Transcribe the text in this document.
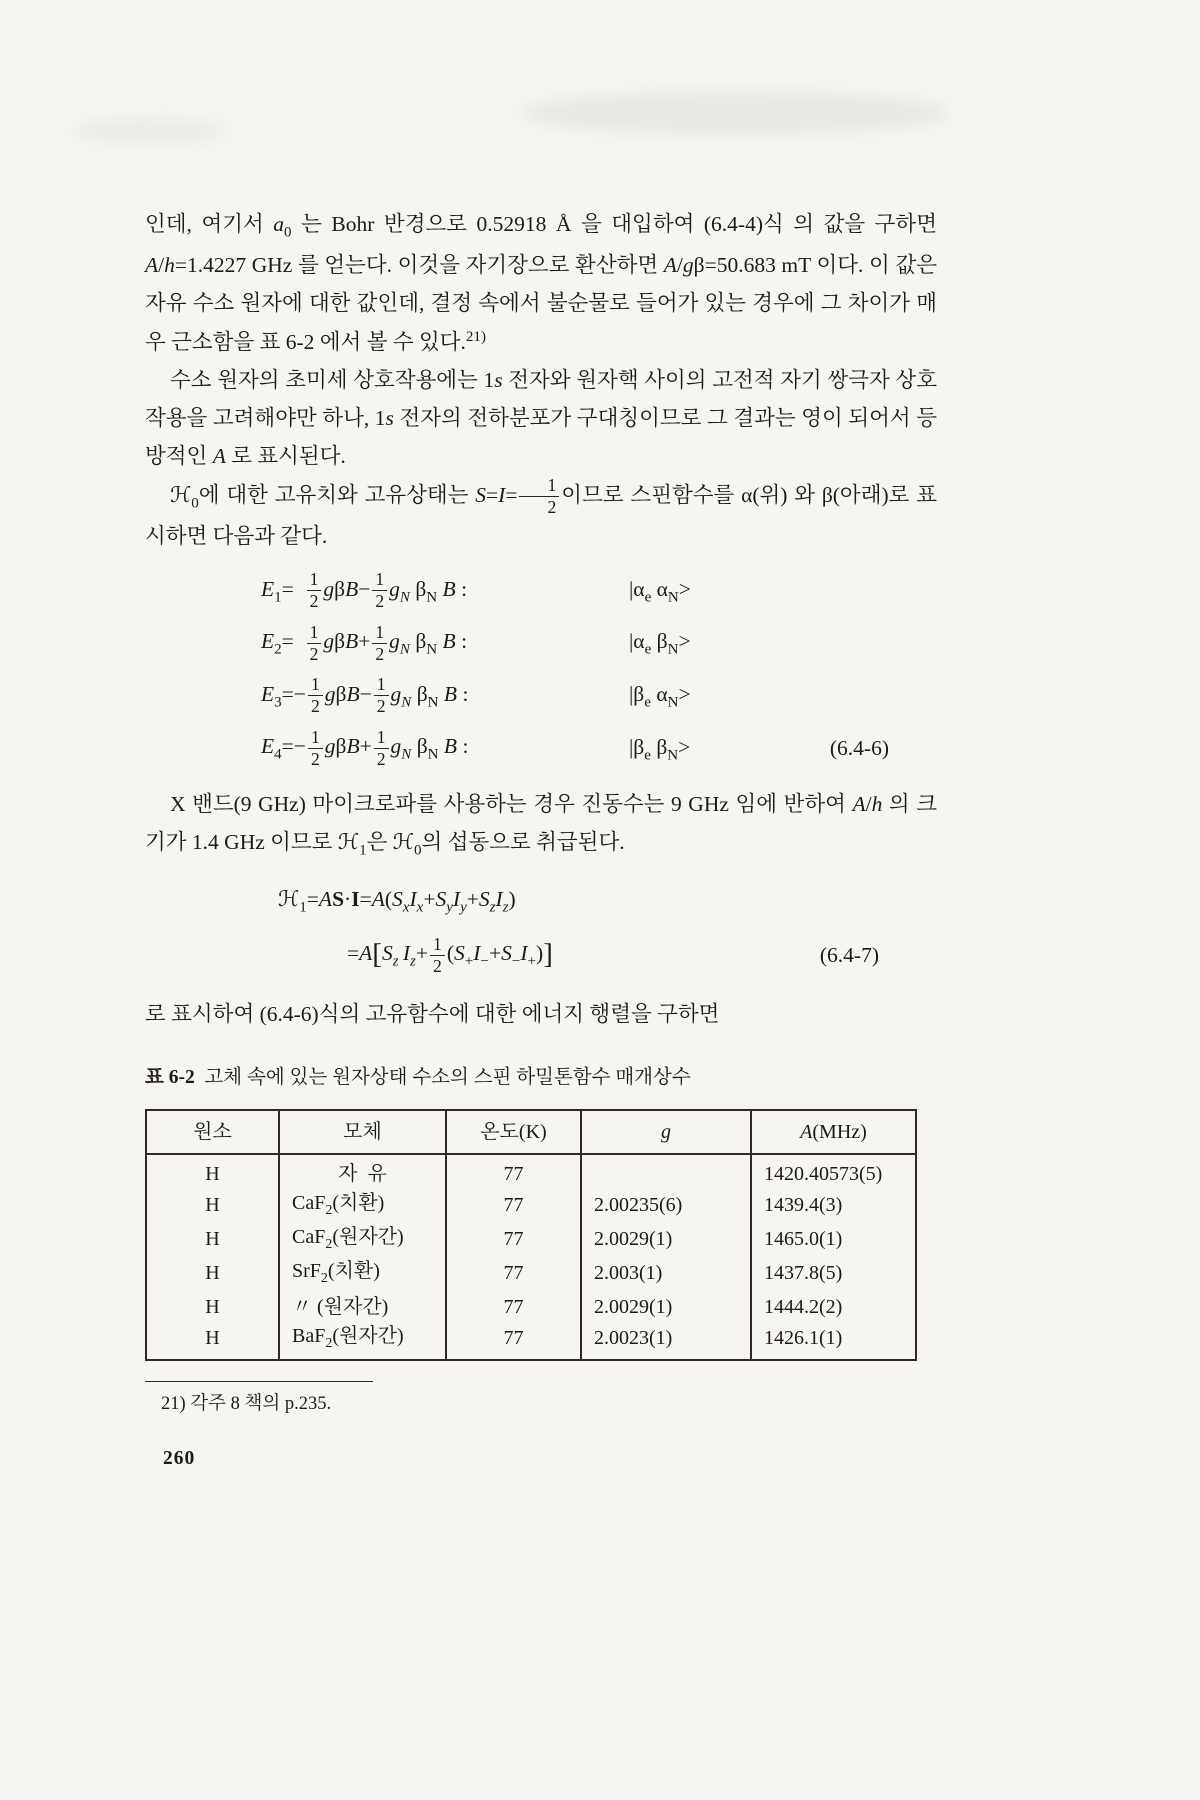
인데, 여기서 $a_0$ 는 Bohr 반경으로 0.52918 Å 을 대입하여 (6.4-4)식 의 값을 구하면 A/h=1.4227 GHz 를 얻는다. 이것을 자기장으로 환산하면 A/gβ=50.683 mT 이다. 이 값은 자유 수소 원자에 대한 값인데, 결정 속에서 불순물로 들어가 있는 경우에 그 차이가 매우 근소함을 표 6-2 에서 볼 수 있다.$^{21)}$

수소 원자의 초미세 상호작용에는 1s 전자와 원자핵 사이의 고전적 자기 쌍극자 상호작용을 고려해야만 하나, 1s 전자의 전하분포가 구대칭이므로 그 결과는 영이 되어서 등방적인 A 로 표시된다.

ℋ$_0$에 대한 고유치와 고유상태는 $S=I= \frac{1}{2}$ 이므로 스핀함수를 α(위) 와 β(아래)로 표시하면 다음과 같다.

$E_1= \frac{1}{2} g\beta B- \frac{1}{2} g_N$ $\beta_N$ B :	$|\alpha_e$ $\alpha_N>$
$E_2= \frac{1}{2} g\beta B+ \frac{1}{2} g_N$ $\beta_N$ B :	$|\alpha_e$ $\beta_N>$
$E_3=- \frac{1}{2} g\beta B- \frac{1}{2} g_N$ $\beta_N$ B :	$|\beta_e$ $\alpha_N>$
$E_4=- \frac{1}{2} g\beta B+ \frac{1}{2} g_N$ $\beta_N$ B :	$|\beta_e$ $\beta_N>$	(6.4-6)

X 밴드(9 GHz) 마이크로파를 사용하는 경우 진동수는 9 GHz 임에 반하여 A/h 의 크기가 1.4 GHz 이므로 ℋ$_1$은 ℋ$_0$의 섭동으로 취급된다.

$ℋ_1=AS\cdot I=A(S_xI_x+S_yI_y+S_zI_z)$
$=A[S_z$  $I_z+ \frac{1}{2} (S_+I_-+S_-I_+)$]	(6.4-7)

로 표시하여 (6.4-6)식의 고유함수에 대한 에너지 행렬을 구하면

표 6-2  고체 속에 있는 원자상태 수소의 스핀 하밀톤함수 매개상수
원소	모체	온도(K)	g	A(MHz)
H	자  유	77		1420.40573(5)
H	CaF$_2$(치환)	77	2.00235(6)	1439.4(3)
H	CaF$_2$(원자간)	77	2.0029(1)	1465.0(1)
H	SrF$_2$(치환)	77	2.003(1)	1437.8(5)
H	〃 (원자간)	77	2.0029(1)	1444.2(2)
H	BaF$_2$(원자간)	77	2.0023(1)	1426.1(1)

21) 각주 8 책의 p.235.

260
